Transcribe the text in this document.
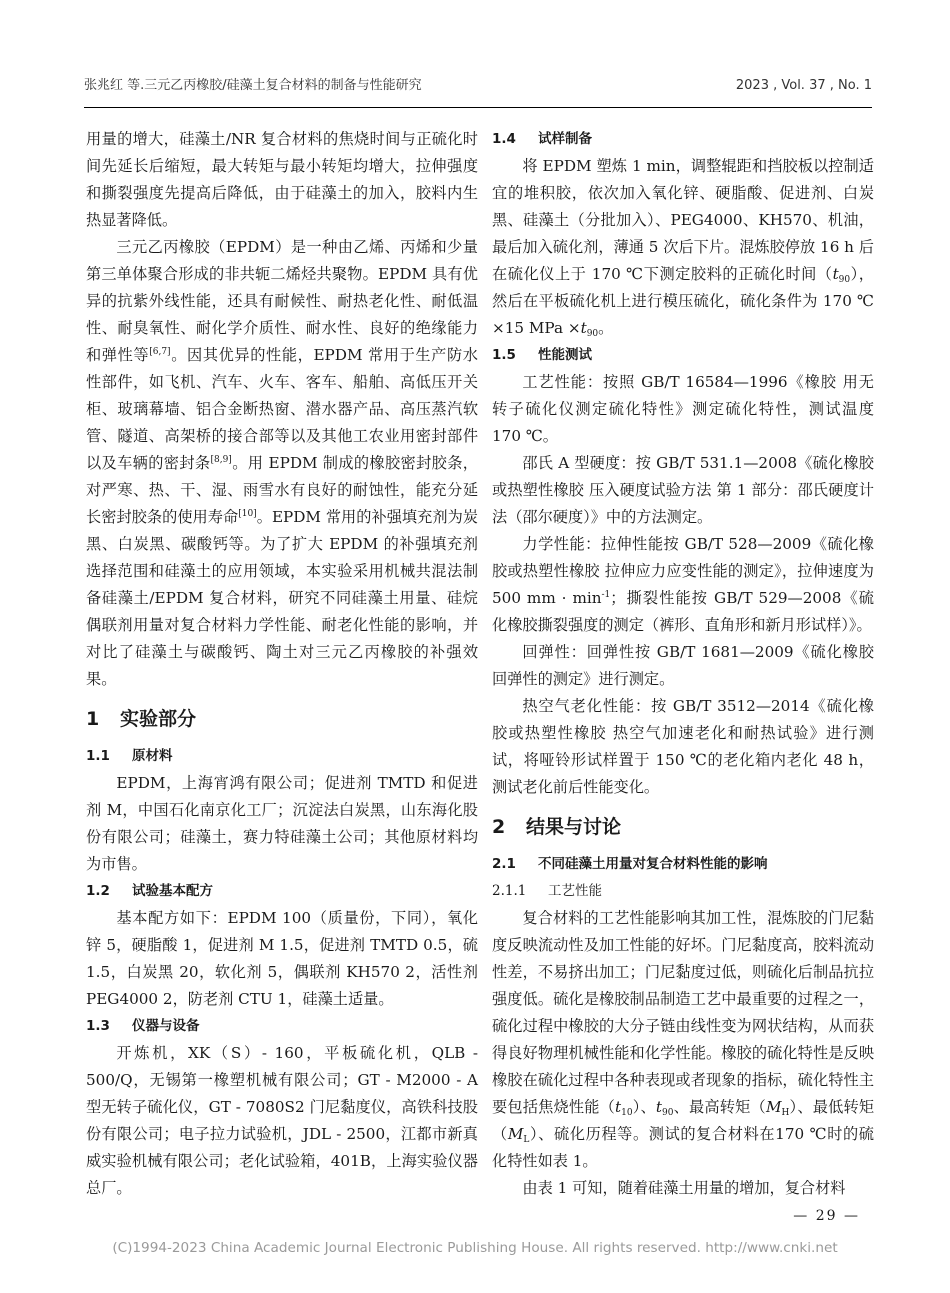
张兆红 等.三元乙丙橡胶/硅藻土复合材料的制备与性能研究	2023 , Vol. 37 , No. 1

用量的增大，硅藻土/NR 复合材料的焦烧时间与正硫化时间先延长后缩短，最大转矩与最小转矩均增大，拉伸强度和撕裂强度先提高后降低，由于硅藻土的加入，胶料内生热显著降低。

三元乙丙橡胶（EPDM）是一种由乙烯、丙烯和少量第三单体聚合形成的非共轭二烯烃共聚物。EPDM 具有优异的抗紫外线性能，还具有耐候性、耐热老化性、耐低温性、耐臭氧性、耐化学介质性、耐水性、良好的绝缘能力和弹性等[6,7]。因其优异的性能，EPDM 常用于生产防水性部件，如飞机、汽车、火车、客车、船舶、高低压开关柜、玻璃幕墙、铝合金断热窗、潜水器产品、高压蒸汽软管、隧道、高架桥的接合部等以及其他工农业用密封部件以及车辆的密封条[8,9]。用 EPDM 制成的橡胶密封胶条，对严寒、热、干、湿、雨雪水有良好的耐蚀性，能充分延长密封胶条的使用寿命[10]。EPDM 常用的补强填充剂为炭黑、白炭黑、碳酸钙等。为了扩大 EPDM 的补强填充剂选择范围和硅藻土的应用领域，本实验采用机械共混法制备硅藻土/EPDM 复合材料，研究不同硅藻土用量、硅烷偶联剂用量对复合材料力学性能、耐老化性能的影响，并对比了硅藻土与碳酸钙、陶土对三元乙丙橡胶的补强效果。

1 实验部分
1.1 原材料

EPDM，上海宵鸿有限公司；促进剂 TMTD 和促进剂 M，中国石化南京化工厂；沉淀法白炭黑，山东海化股份有限公司；硅藻土，赛力特硅藻土公司；其他原材料均为市售。

1.2 试验基本配方

基本配方如下：EPDM 100（质量份，下同），氧化锌 5，硬脂酸 1，促进剂 M 1.5，促进剂 TMTD 0.5，硫 1.5，白炭黑 20，软化剂 5，偶联剂 KH570 2，活性剂 PEG4000 2，防老剂 CTU 1，硅藻土适量。

1.3 仪器与设备

开炼机，XK（S）- 160，平板硫化机，QLB - 500/Q，无锡第一橡塑机械有限公司；GT - M2000 - A 型无转子硫化仪，GT - 7080S2 门尼黏度仪，高铁科技股份有限公司；电子拉力试验机，JDL - 2500，江都市新真威实验机械有限公司；老化试验箱，401B，上海实验仪器总厂。

1.4 试样制备

将 EPDM 塑炼 1 min，调整辊距和挡胶板以控制适宜的堆积胶，依次加入氧化锌、硬脂酸、促进剂、白炭黑、硅藻土（分批加入）、PEG4000、KH570、机油，最后加入硫化剂，薄通 5 次后下片。混炼胶停放 16 h 后在硫化仪上于 170 ℃下测定胶料的正硫化时间$(t_{90})$，然后在平板硫化机上进行模压硫化，硫化条件为 170 ℃ ×15 MPa $\times t_{90}$。

1.5 性能测试

工艺性能：按照 GB/T 16584—1996《橡胶 用无转子硫化仪测定硫化特性》测定硫化特性，测试温度 170 ℃。

邵氏 A 型硬度：按 GB/T 531.1—2008《硫化橡胶或热塑性橡胶 压入硬度试验方法 第 1 部分：邵氏硬度计法（邵尔硬度）》中的方法测定。

力学性能：拉伸性能按 GB/T 528—2009《硫化橡胶或热塑性橡胶 拉伸应力应变性能的测定》，拉伸速度为500 mm · $\min^{-1}$；撕裂性能按 GB/T 529—2008《硫化橡胶撕裂强度的测定（裤形、直角形和新月形试样）》。

回弹性：回弹性按 GB/T 1681—2009《硫化橡胶回弹性的测定》进行测定。

热空气老化性能：按 GB/T 3512—2014《硫化橡胶或热塑性橡胶 热空气加速老化和耐热试验》进行测试，将哑铃形试样置于 150 ℃的老化箱内老化 48 h，测试老化前后性能变化。

2 结果与讨论
2.1 不同硅藻土用量对复合材料性能的影响
2.1.1 工艺性能

复合材料的工艺性能影响其加工性，混炼胶的门尼黏度反映流动性及加工性能的好坏。门尼黏度高，胶料流动性差，不易挤出加工；门尼黏度过低，则硫化后制品抗拉强度低。硫化是橡胶制品制造工艺中最重要的过程之一，硫化过程中橡胶的大分子链由线性变为网状结构，从而获得良好物理机械性能和化学性能。橡胶的硫化特性是反映橡胶在硫化过程中各种表现或者现象的指标，硫化特性主要包括焦烧性能$(t_{10})$、$t_{90}$、最高转矩$(M_H)$、最低转矩$(M_L)$、硫化历程等。测试的复合材料在170 ℃时的硫化特性如表 1。

由表 1 可知，随着硅藻土用量的增加，复合材料

— 29 —
(C)1994-2023 China Academic Journal Electronic Publishing House. All rights reserved. http://www.cnki.net
